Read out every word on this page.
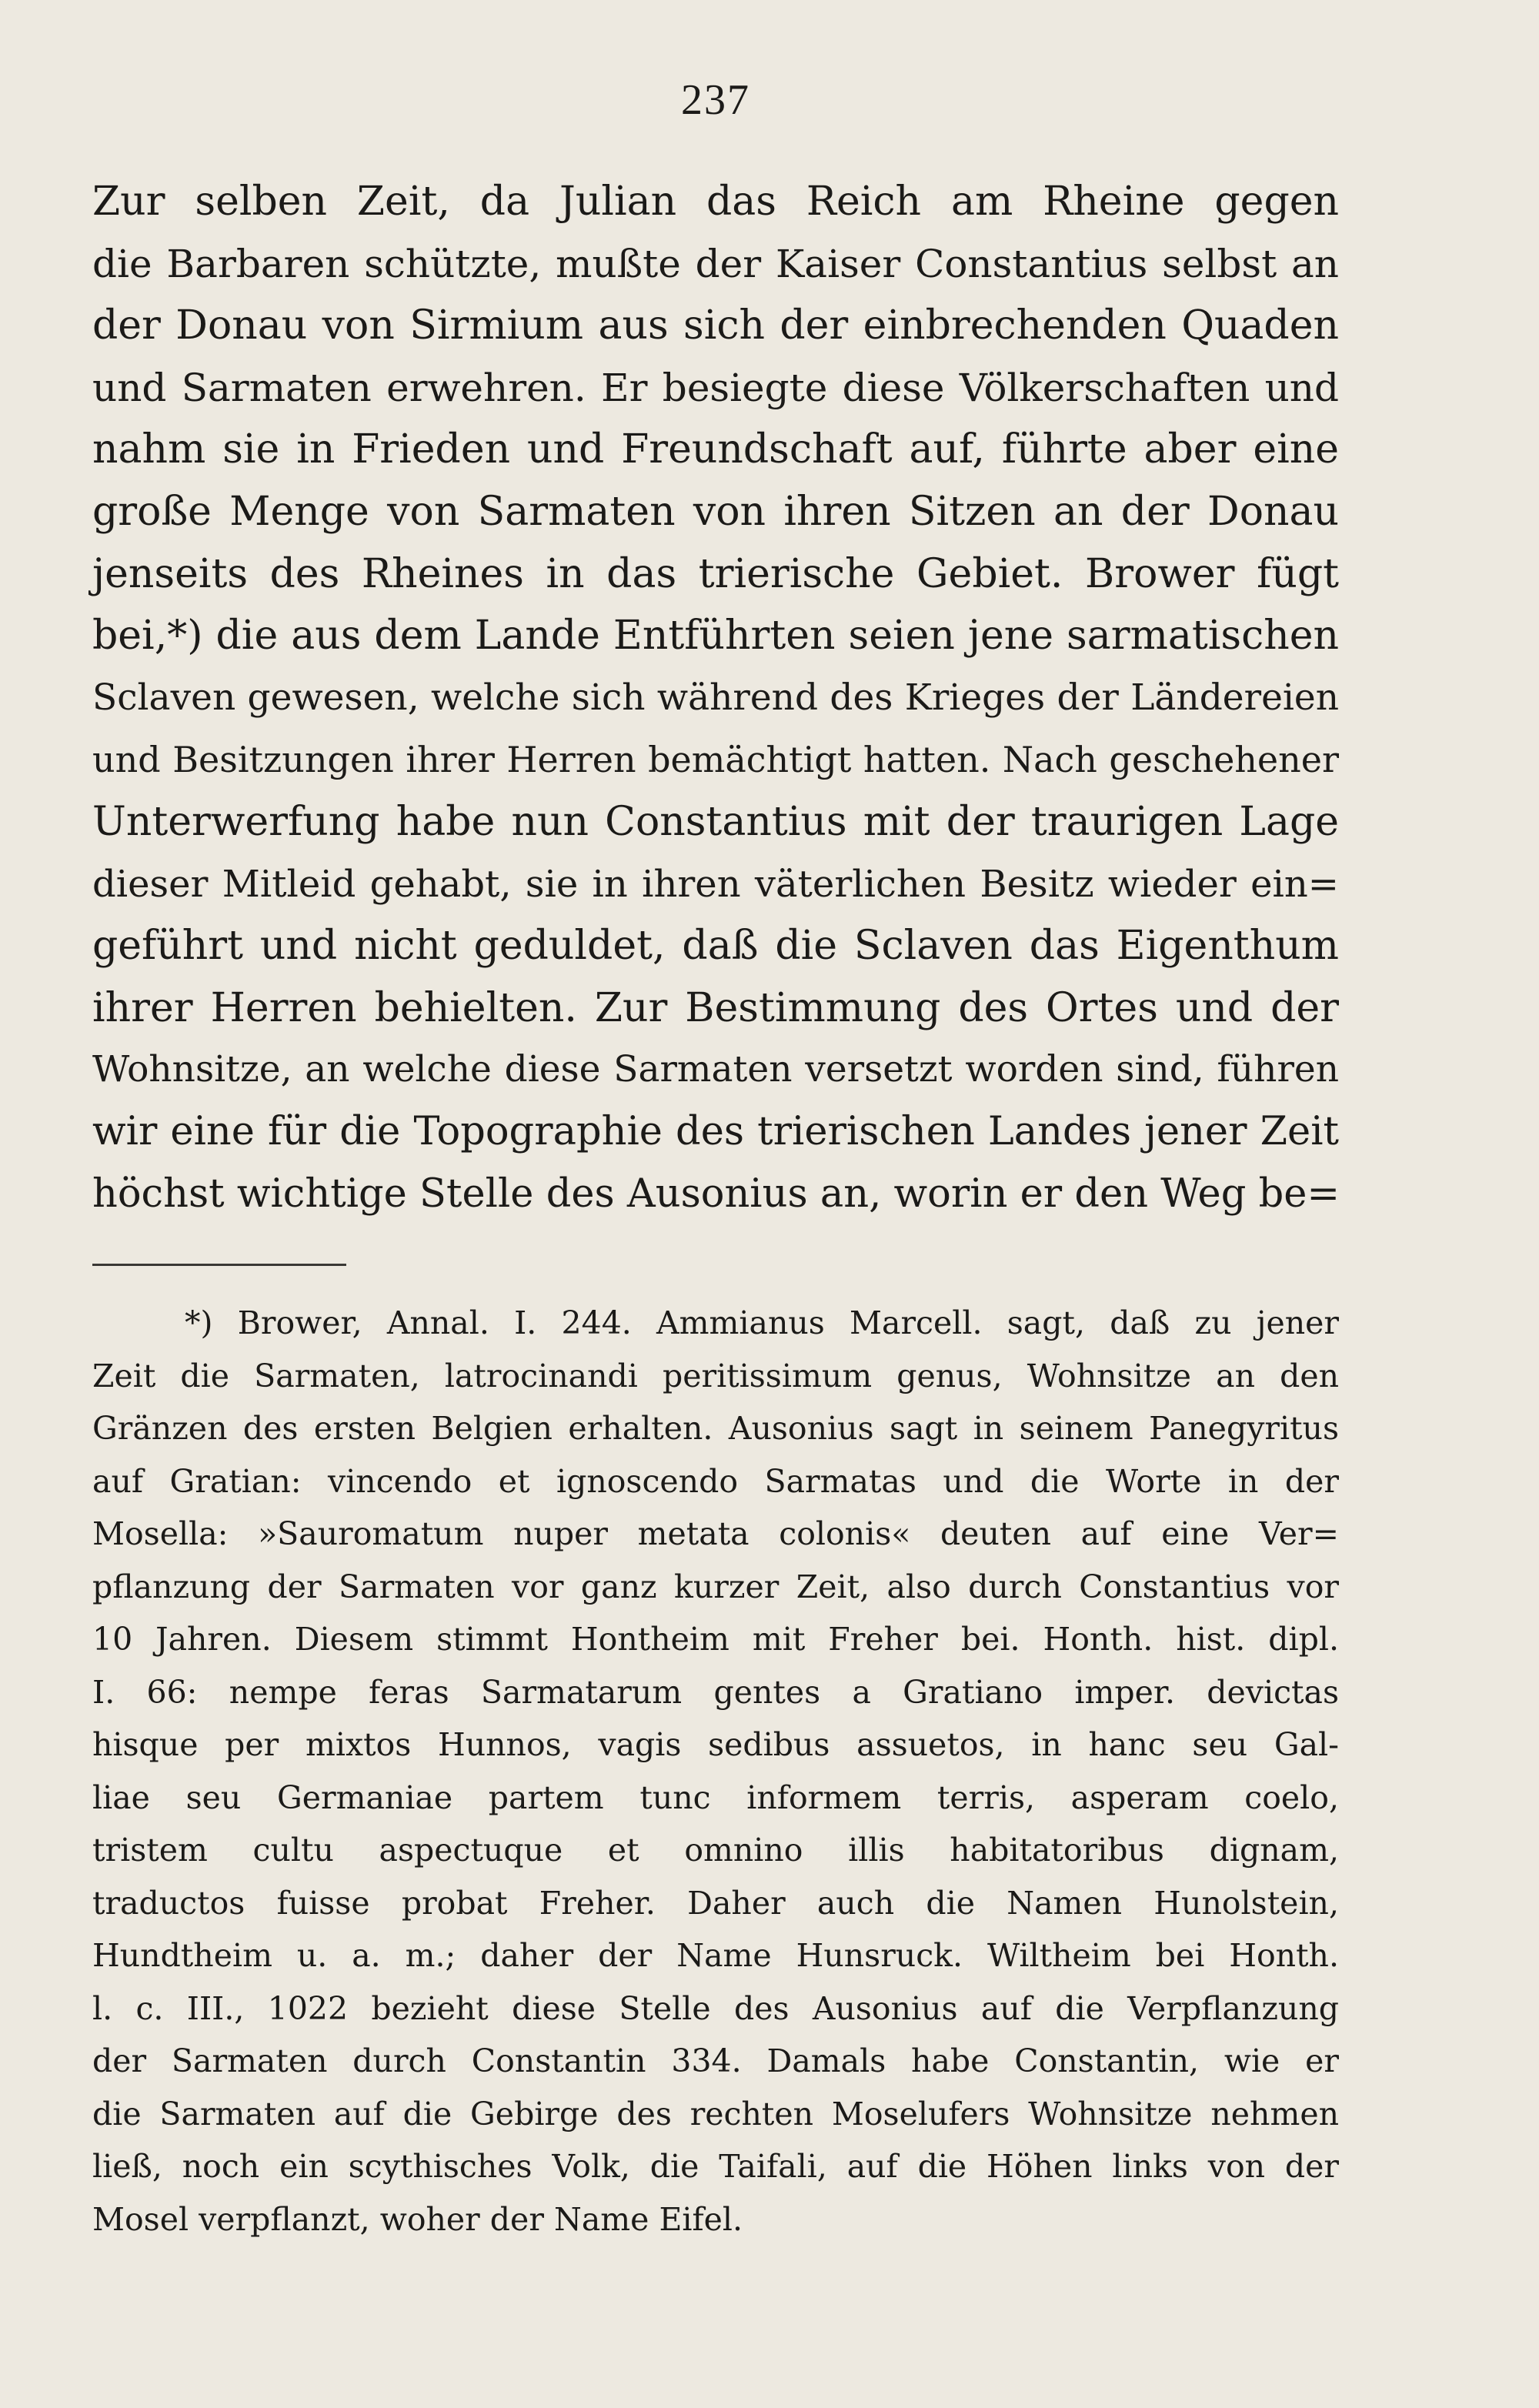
237
Zur selben Zeit, da Julian das Reich am Rheine gegen
die Barbaren schützte, mußte der Kaiser Constantius selbst an
der Donau von Sirmium aus sich der einbrechenden Quaden
und Sarmaten erwehren. Er besiegte diese Völkerschaften und
nahm sie in Frieden und Freundschaft auf, führte aber eine
große Menge von Sarmaten von ihren Sitzen an der Donau
jenseits des Rheines in das trierische Gebiet. Brower fügt
bei,*) die aus dem Lande Entführten seien jene sarmatischen
Sclaven gewesen, welche sich während des Krieges der Ländereien
und Besitzungen ihrer Herren bemächtigt hatten. Nach geschehener
Unterwerfung habe nun Constantius mit der traurigen Lage
dieser Mitleid gehabt, sie in ihren väterlichen Besitz wieder ein=
geführt und nicht geduldet, daß die Sclaven das Eigenthum
ihrer Herren behielten. Zur Bestimmung des Ortes und der
Wohnsitze, an welche diese Sarmaten versetzt worden sind, führen
wir eine für die Topographie des trierischen Landes jener Zeit
höchst wichtige Stelle des Ausonius an, worin er den Weg be=
*) Brower, Annal. I. 244. Ammianus Marcell. sagt, daß zu jener
Zeit die Sarmaten, latrocinandi peritissimum genus, Wohnsitze an den
Gränzen des ersten Belgien erhalten. Ausonius sagt in seinem Panegyritus
auf Gratian: vincendo et ignoscendo Sarmatas und die Worte in der
Mosella: »Sauromatum nuper metata colonis« deuten auf eine Ver=
pflanzung der Sarmaten vor ganz kurzer Zeit, also durch Constantius vor
10 Jahren. Diesem stimmt Hontheim mit Freher bei. Honth. hist. dipl.
I. 66: nempe feras Sarmatarum gentes a Gratiano imper. devictas
hisque per mixtos Hunnos, vagis sedibus assuetos, in hanc seu Gal-
liae seu Germaniae partem tunc informem terris, asperam coelo,
tristem cultu aspectuque et omnino illis habitatoribus dignam,
traductos fuisse probat Freher. Daher auch die Namen Hunolstein,
Hundtheim u. a. m.; daher der Name Hunsruck. Wiltheim bei Honth.
l. c. III., 1022 bezieht diese Stelle des Ausonius auf die Verpflanzung
der Sarmaten durch Constantin 334. Damals habe Constantin, wie er
die Sarmaten auf die Gebirge des rechten Moselufers Wohnsitze nehmen
ließ, noch ein scythisches Volk, die Taifali, auf die Höhen links von der
Mosel verpflanzt, woher der Name Eifel.
